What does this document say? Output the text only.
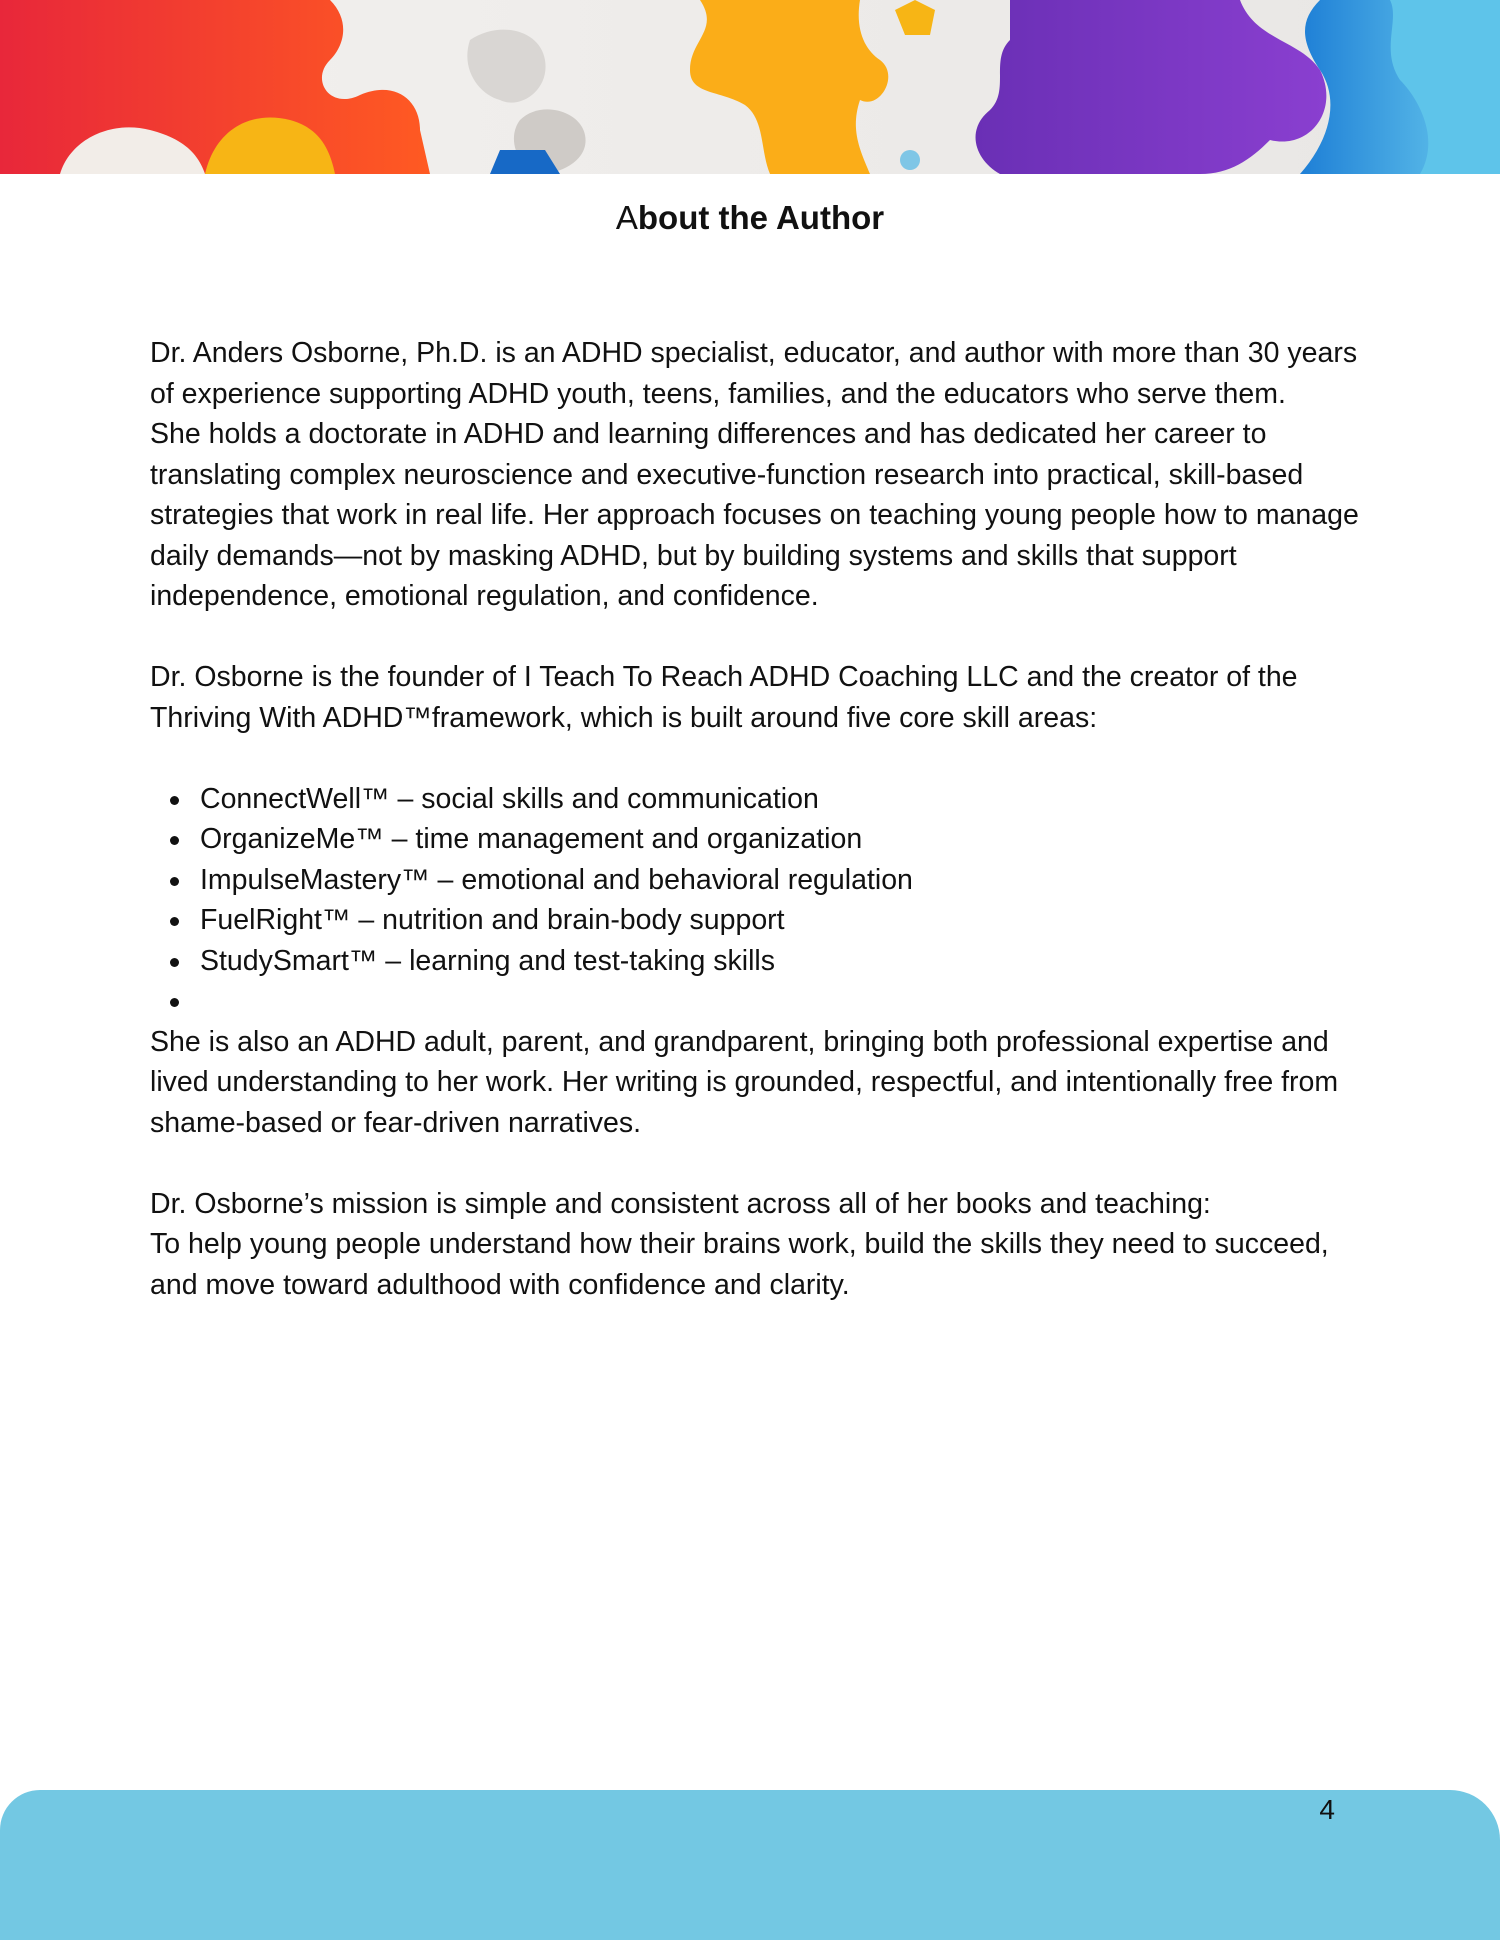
About the Author

Dr. Anders Osborne, Ph.D. is an ADHD specialist, educator, and author with more than 30 years of experience supporting ADHD youth, teens, families, and the educators who serve them.

She holds a doctorate in ADHD and learning differences and has dedicated her career to translating complex neuroscience and executive-function research into practical, skill-based strategies that work in real life. Her approach focuses on teaching young people how to manage daily demands—not by masking ADHD, but by building systems and skills that support independence, emotional regulation, and confidence.

Dr. Osborne is the founder of I Teach To Reach ADHD Coaching LLC and the creator of the Thriving With ADHD™framework, which is built around five core skill areas:

ConnectWell™ – social skills and communication
OrganizeMe™ – time management and organization
ImpulseMastery™ – emotional and behavioral regulation
FuelRight™ – nutrition and brain-body support
StudySmart™ – learning and test-taking skills

She is also an ADHD adult, parent, and grandparent, bringing both professional expertise and lived understanding to her work. Her writing is grounded, respectful, and intentionally free from shame-based or fear-driven narratives.

Dr. Osborne’s mission is simple and consistent across all of her books and teaching:

To help young people understand how their brains work, build the skills they need to succeed, and move toward adulthood with confidence and clarity.

4
